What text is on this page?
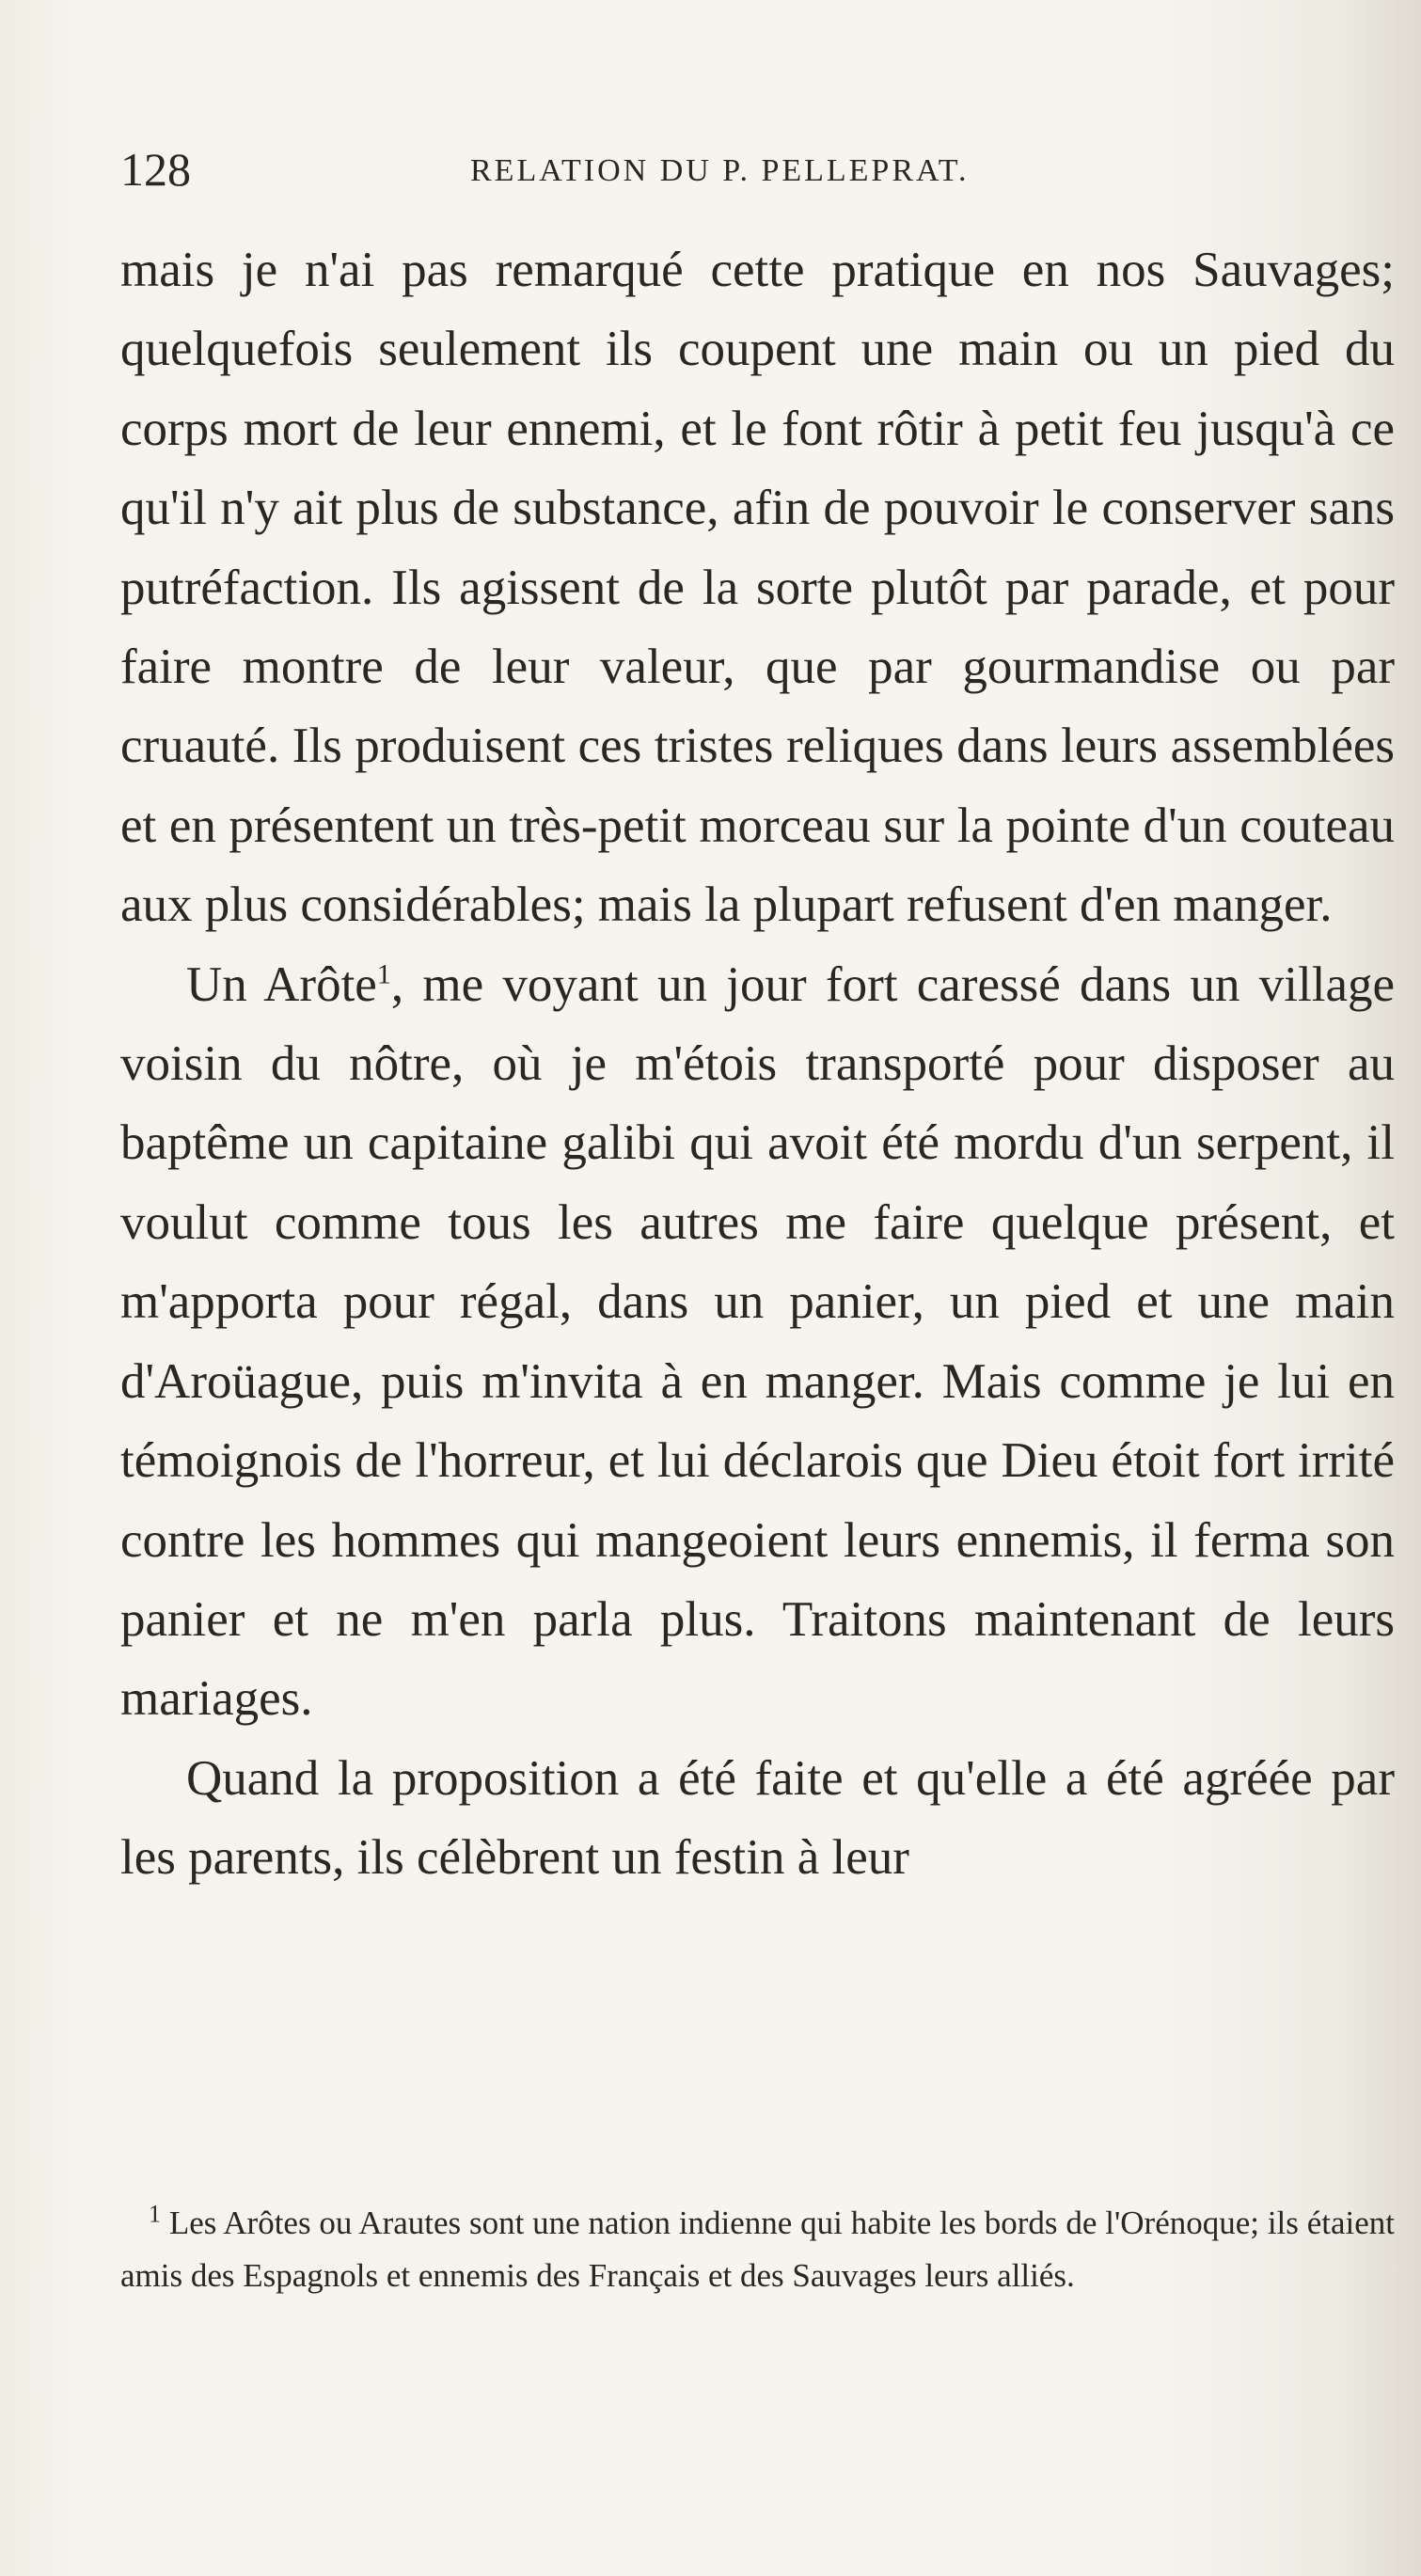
128	RELATION DU P. PELLEPRAT.

mais je n'ai pas remarqué cette pratique en nos Sauvages; quelquefois seulement ils coupent une main ou un pied du corps mort de leur ennemi, et le font rôtir à petit feu jusqu'à ce qu'il n'y ait plus de substance, afin de pouvoir le conserver sans putréfaction. Ils agissent de la sorte plutôt par parade, et pour faire montre de leur valeur, que par gourmandise ou par cruauté. Ils produisent ces tristes reliques dans leurs assemblées et en présentent un très-petit morceau sur la pointe d'un couteau aux plus considérables; mais la plupart refusent d'en manger.

Un Arôte$^1$, me voyant un jour fort caressé dans un village voisin du nôtre, où je m'étois transporté pour disposer au baptême un capitaine galibi qui avoit été mordu d'un serpent, il voulut comme tous les autres me faire quelque présent, et m'apporta pour régal, dans un panier, un pied et une main d'Aroüague, puis m'invita à en manger. Mais comme je lui en témoignois de l'horreur, et lui déclarois que Dieu étoit fort irrité contre les hommes qui mangeoient leurs ennemis, il ferma son panier et ne m'en parla plus. Traitons maintenant de leurs mariages.

Quand la proposition a été faite et qu'elle a été agréée par les parents, ils célèbrent un festin à leur

$^1$ Les Arôtes ou Arautes sont une nation indienne qui habite les bords de l'Orénoque; ils étaient amis des Espagnols et ennemis des Français et des Sauvages leurs alliés.
